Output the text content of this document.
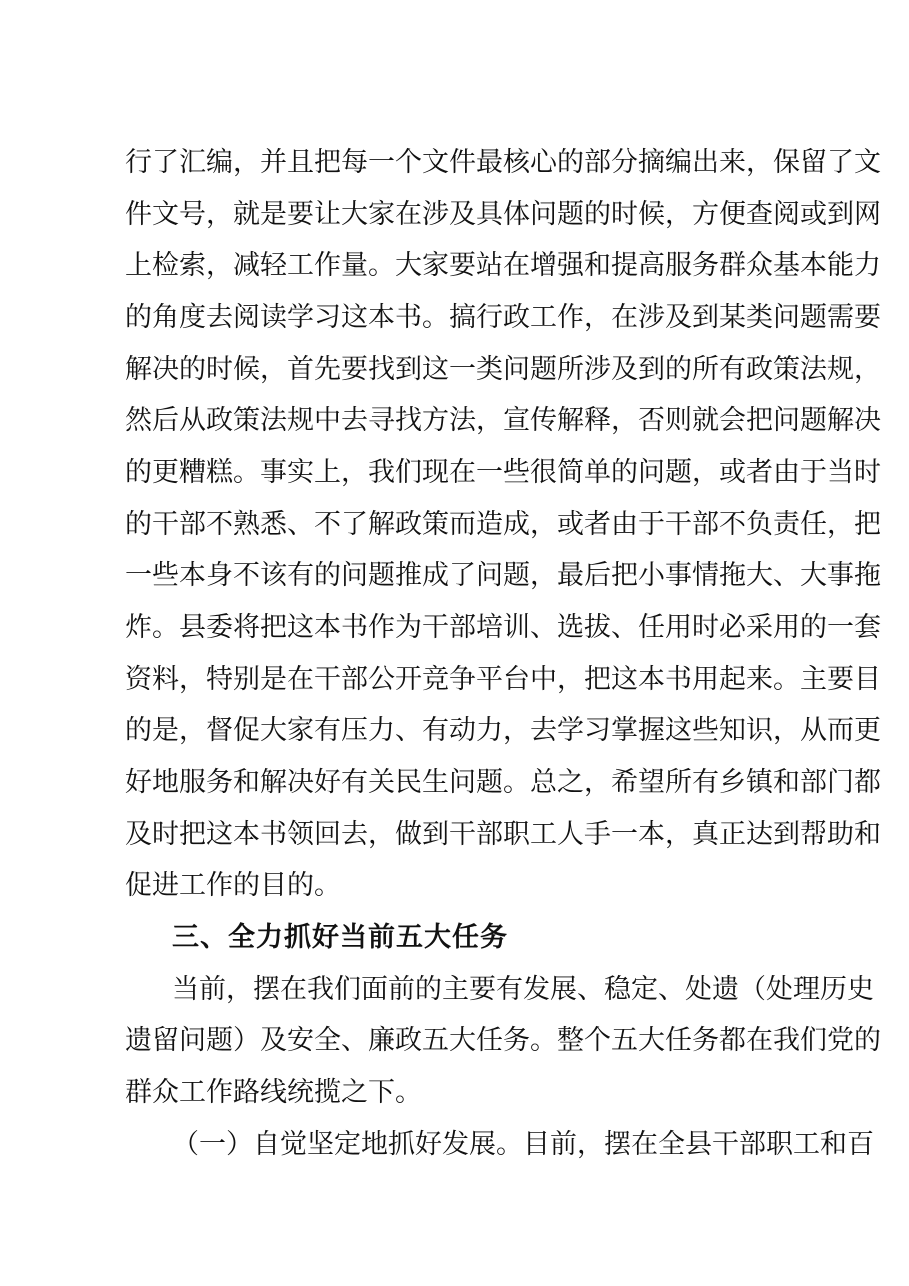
行了汇编，并且把每一个文件最核心的部分摘编出来，保留了文
件文号，就是要让大家在涉及具体问题的时候，方便查阅或到网
上检索，减轻工作量。大家要站在增强和提高服务群众基本能力
的角度去阅读学习这本书。搞行政工作，在涉及到某类问题需要
解决的时候，首先要找到这一类问题所涉及到的所有政策法规，
然后从政策法规中去寻找方法，宣传解释，否则就会把问题解决
的更糟糕。事实上，我们现在一些很简单的问题，或者由于当时
的干部不熟悉、不了解政策而造成，或者由于干部不负责任，把
一些本身不该有的问题推成了问题，最后把小事情拖大、大事拖
炸。县委将把这本书作为干部培训、选拔、任用时必采用的一套
资料，特别是在干部公开竞争平台中，把这本书用起来。主要目
的是，督促大家有压力、有动力，去学习掌握这些知识，从而更
好地服务和解决好有关民生问题。总之，希望所有乡镇和部门都
及时把这本书领回去，做到干部职工人手一本，真正达到帮助和
促进工作的目的。
三、全力抓好当前五大任务
当前，摆在我们面前的主要有发展、稳定、处遗（处理历史
遗留问题）及安全、廉政五大任务。整个五大任务都在我们党的
群众工作路线统揽之下。
（一）自觉坚定地抓好发展。目前，摆在全县干部职工和百
